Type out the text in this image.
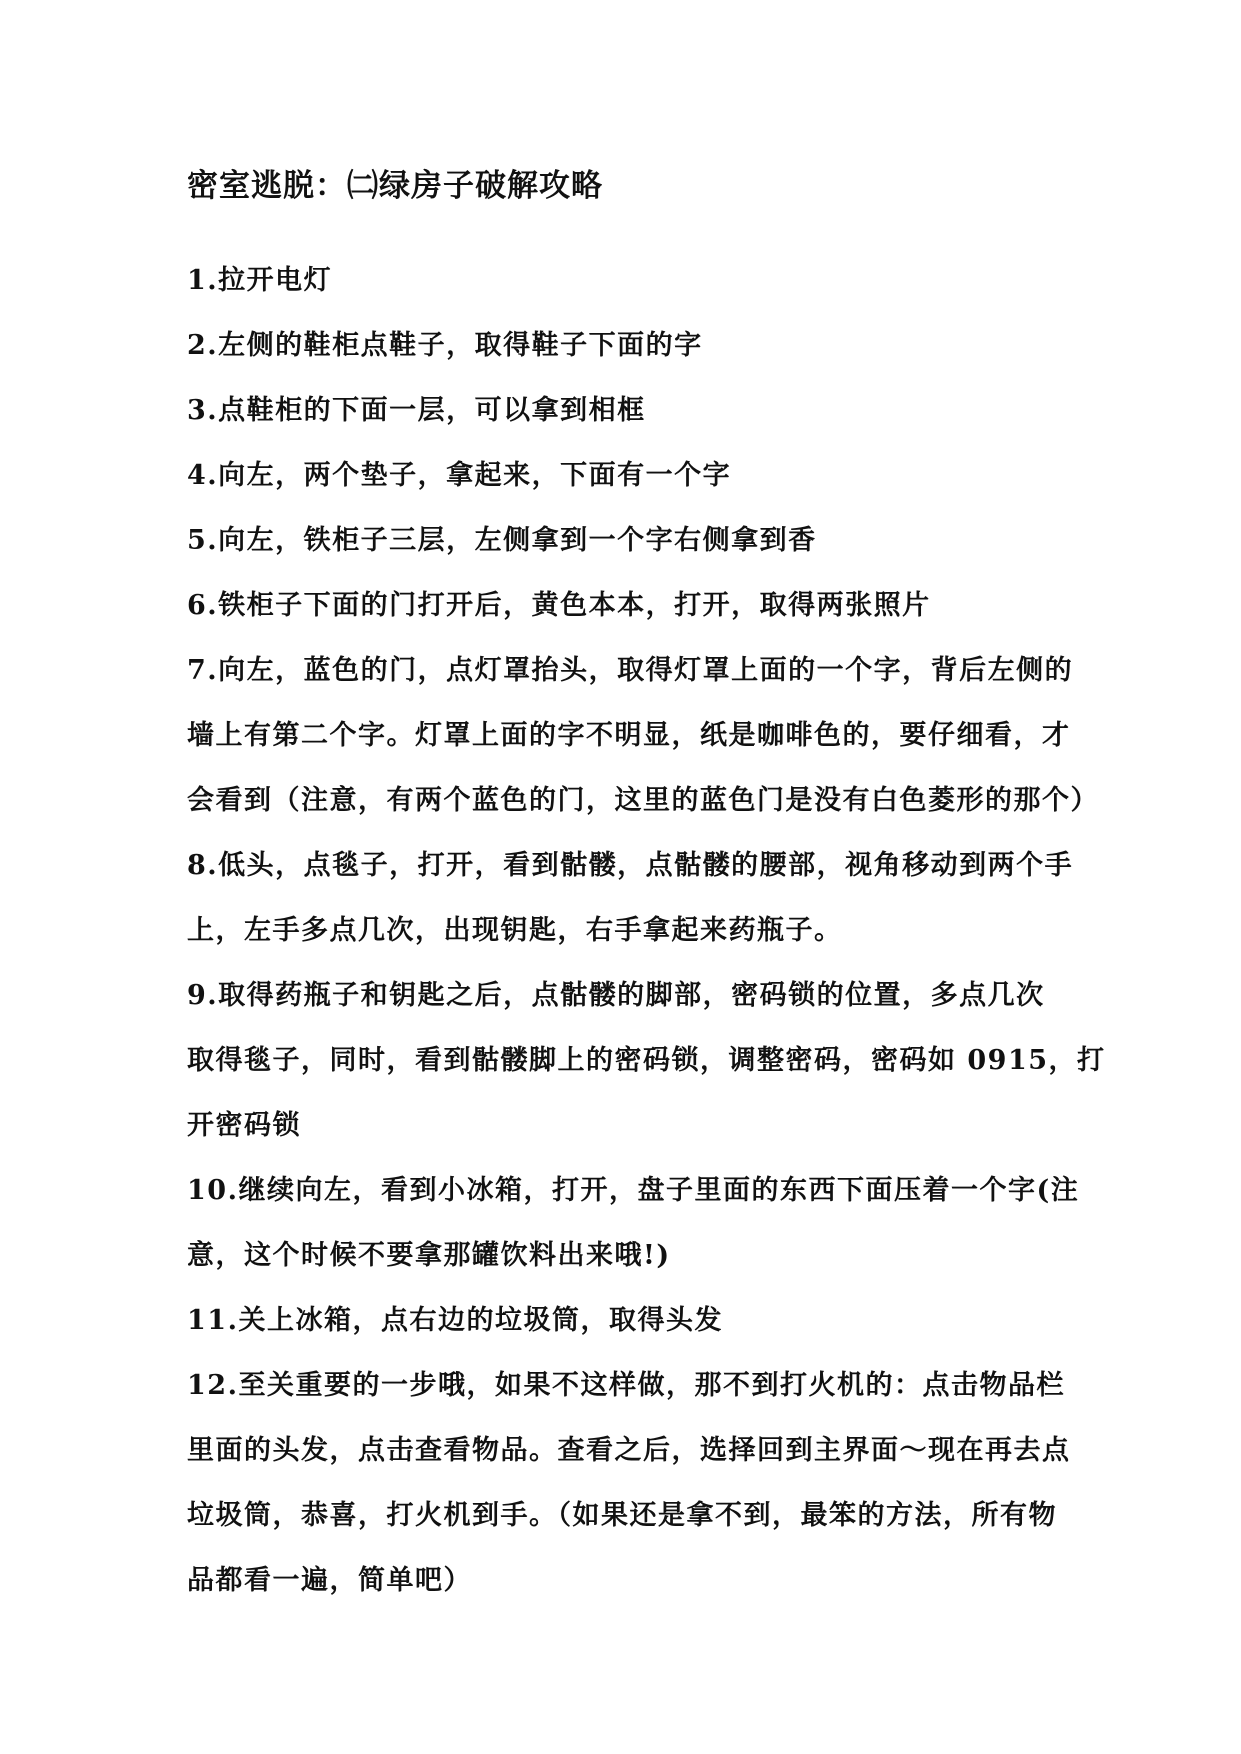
密室逃脱：㈡绿房子破解攻略
1.拉开电灯
2.左侧的鞋柜点鞋子，取得鞋子下面的字
3.点鞋柜的下面一层，可以拿到相框
4.向左，两个垫子，拿起来，下面有一个字
5.向左，铁柜子三层，左侧拿到一个字右侧拿到香
6.铁柜子下面的门打开后，黄色本本，打开，取得两张照片
7.向左，蓝色的门，点灯罩抬头，取得灯罩上面的一个字，背后左侧的
墙上有第二个字。灯罩上面的字不明显，纸是咖啡色的，要仔细看，才
会看到（注意，有两个蓝色的门，这里的蓝色门是没有白色菱形的那个）
8.低头，点毯子，打开，看到骷髅，点骷髅的腰部，视角移动到两个手
上，左手多点几次，出现钥匙，右手拿起来药瓶子。
9.取得药瓶子和钥匙之后，点骷髅的脚部，密码锁的位置，多点几次
取得毯子，同时，看到骷髅脚上的密码锁，调整密码，密码如 0915，打
开密码锁
10.继续向左，看到小冰箱，打开，盘子里面的东西下面压着一个字(注
意，这个时候不要拿那罐饮料出来哦!)
11.关上冰箱，点右边的垃圾筒，取得头发
12.至关重要的一步哦，如果不这样做，那不到打火机的：点击物品栏
里面的头发，点击查看物品。查看之后，选择回到主界面～现在再去点
垃圾筒，恭喜，打火机到手。（如果还是拿不到，最笨的方法，所有物
品都看一遍，简单吧）
